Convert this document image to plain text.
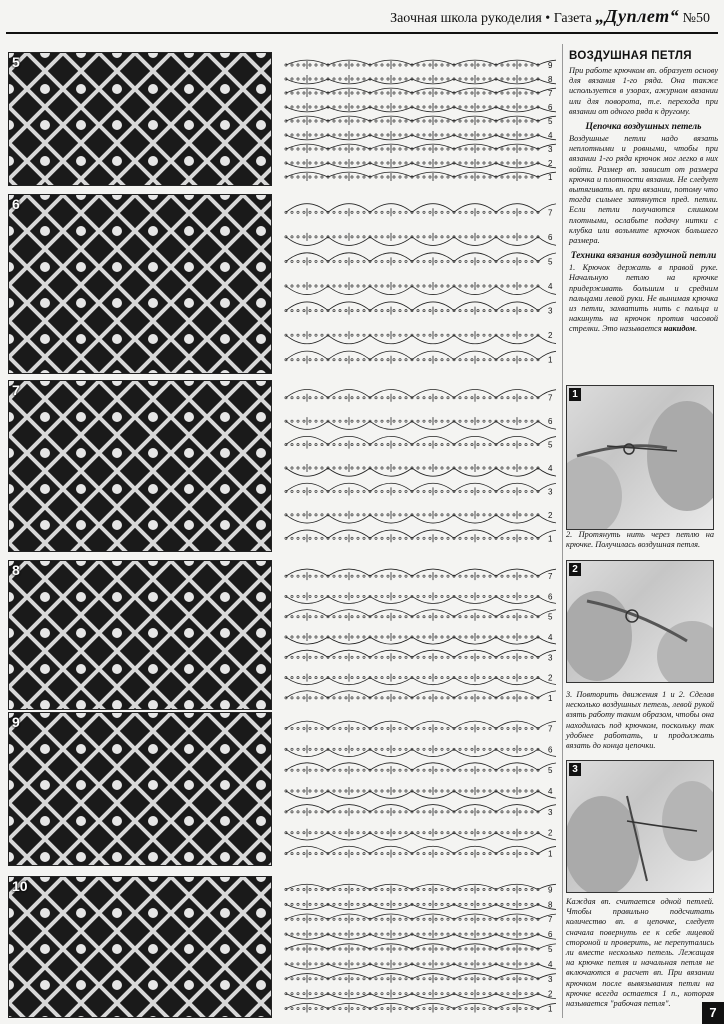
Заочная школа рукоделия • Газета „Дуплет“ №50
5	9
8
7
6
5
4
3
2
1
6
7
6
5
4
3
2
1
7
7
6
5
4
3
2
1
8	7
6
5
4
3
2
1
9	7
6
5
4
3
2
1
10	9
8
7
6
5
4
3
2
1
ВОЗДУШНАЯ ПЕТЛЯ

При работе крючком вп. образует основу для вязания 1-го ряда. Она также используется в узорах, ажурном вязании или для поворота, т.е. перехода при вязании от одного ряда к другому.

Цепочка воздушных петель

Воздушные петли надо вязать неплотными и ровными, чтобы при вязании 1-го ряда крючок мог легко в них войти. Размер вп. зависит от размера крючка и плотности вязания. Не следует вытягивать вп. при вязании, потому что тогда сильнее затянутся пред. петли. Если петли получаются слишком плотными, ослабьте подачу нитки с клубка или возьмите крючок большего размера.

Техника вязания воздушной петли

1. Крючок держать в правой руке. Начальную петлю на крючке придерживать большим и средним пальцами левой руки. Не вынимая крючка из петли, захватить нить с пальца и накинуть на крючок против часовой стрелки. Это называется накидом.

1
2. Протянуть нить через петлю на крючке. Получилась воздушная петля.
2
3. Повторить движения 1 и 2. Сделав несколько воздушных петель, левой рукой взять работу таким образом, чтобы она находилась под крючком, поскольку так удобнее работать, и продолжать вязать до конца цепочки.
3
Каждая вп. считается одной петлей. Чтобы правильно подсчитать количество вп. в цепочке, следует сначала повернуть ее к себе лицевой стороной и проверить, не перепутались ли вместе несколько петель. Лежащая на крючке петля и начальная петля не включаются в расчет вп. При вязании крючком после вывязывания петли на крючке всегда остается 1 п., которая называется "рабочая петля".
7
